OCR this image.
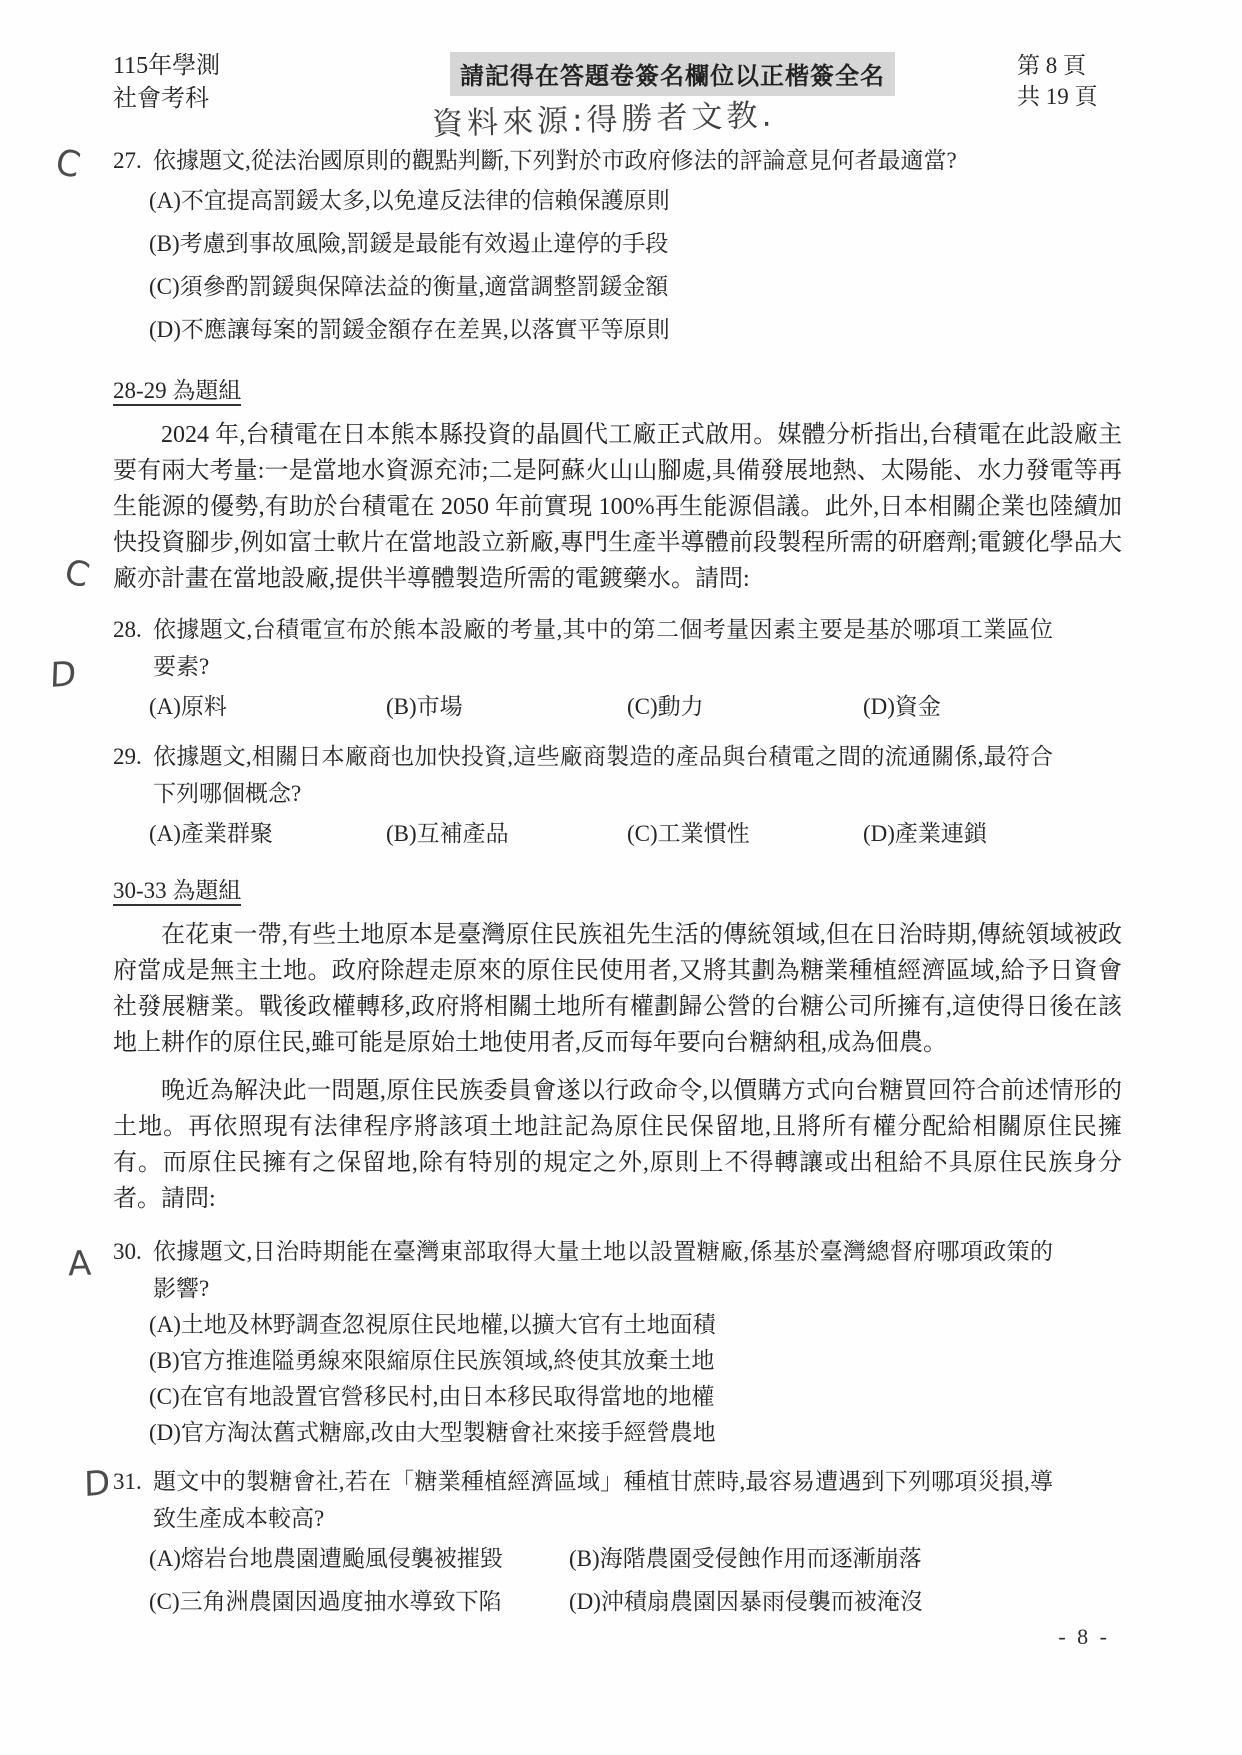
115年學測
社會考科
請記得在答題卷簽名欄位以正楷簽全名	第 8 頁
共 19 頁
資料來源:得勝者文教.
C
C
D
A
D
27. 依據題文,從法治國原則的觀點判斷,下列對於市政府修法的評論意見何者最適當?
(A)不宜提高罰鍰太多,以免違反法律的信賴保護原則
(B)考慮到事故風險,罰鍰是最能有效遏止違停的手段
(C)須參酌罰鍰與保障法益的衡量,適當調整罰鍰金額
(D)不應讓每案的罰鍰金額存在差異,以落實平等原則
28-29 為題組

2024 年,台積電在日本熊本縣投資的晶圓代工廠正式啟用。媒體分析指出,台積電在此設廠主要有兩大考量:一是當地水資源充沛;二是阿蘇火山山腳處,具備發展地熱、太陽能、水力發電等再生能源的優勢,有助於台積電在 2050 年前實現 100%再生能源倡議。此外,日本相關企業也陸續加快投資腳步,例如富士軟片在當地設立新廠,專門生產半導體前段製程所需的研磨劑;電鍍化學品大廠亦計畫在當地設廠,提供半導體製造所需的電鍍藥水。請問:

28. 依據題文,台積電宣布於熊本設廠的考量,其中的第二個考量因素主要是基於哪項工業區位要素?
(A)原料	(B)市場	(C)動力	(D)資金
29. 依據題文,相關日本廠商也加快投資,這些廠商製造的產品與台積電之間的流通關係,最符合下列哪個概念?
(A)產業群聚	(B)互補產品	(C)工業慣性	(D)產業連鎖
30-33 為題組

在花東一帶,有些土地原本是臺灣原住民族祖先生活的傳統領域,但在日治時期,傳統領域被政府當成是無主土地。政府除趕走原來的原住民使用者,又將其劃為糖業種植經濟區域,給予日資會社發展糖業。戰後政權轉移,政府將相關土地所有權劃歸公營的台糖公司所擁有,這使得日後在該地上耕作的原住民,雖可能是原始土地使用者,反而每年要向台糖納租,成為佃農。

晚近為解決此一問題,原住民族委員會遂以行政命令,以價購方式向台糖買回符合前述情形的土地。再依照現有法律程序將該項土地註記為原住民保留地,且將所有權分配給相關原住民擁有。而原住民擁有之保留地,除有特別的規定之外,原則上不得轉讓或出租給不具原住民族身分者。請問:

30. 依據題文,日治時期能在臺灣東部取得大量土地以設置糖廠,係基於臺灣總督府哪項政策的影響?
(A)土地及林野調查忽視原住民地權,以擴大官有土地面積
(B)官方推進隘勇線來限縮原住民族領域,終使其放棄土地
(C)在官有地設置官營移民村,由日本移民取得當地的地權
(D)官方淘汰舊式糖廍,改由大型製糖會社來接手經營農地
31. 題文中的製糖會社,若在「糖業種植經濟區域」種植甘蔗時,最容易遭遇到下列哪項災損,導致生產成本較高?
(A)熔岩台地農園遭颱風侵襲被摧毀	(B)海階農園受侵蝕作用而逐漸崩落
(C)三角洲農園因過度抽水導致下陷	(D)沖積扇農園因暴雨侵襲而被淹沒
- 8 -
